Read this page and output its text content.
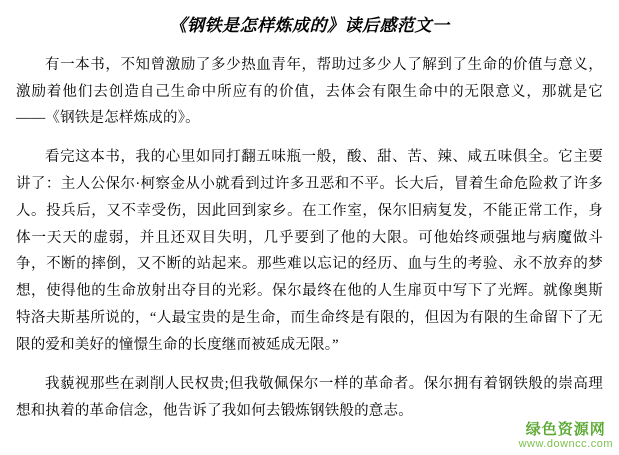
《钢铁是怎样炼成的》读后感范文一

有一本书，不知曾激励了多少热血青年，帮助过多少人了解到了生命的价值与意义，激励着他们去创造自己生命中所应有的价值，去体会有限生命中的无限意义，那就是它——《钢铁是怎样炼成的》。

看完这本书，我的心里如同打翻五味瓶一般，酸、甜、苦、辣、咸五味俱全。它主要讲了：主人公保尔·柯察金从小就看到过许多丑恶和不平。长大后，冒着生命危险救了许多人。投兵后，又不幸受伤，因此回到家乡。在工作室，保尔旧病复发，不能正常工作，身体一天天的虚弱，并且还双目失明，几乎要到了他的大限。可他始终顽强地与病魔做斗争，不断的摔倒，又不断的站起来。那些难以忘记的经历、血与生的考验、永不放弃的梦想，使得他的生命放射出夺目的光彩。保尔最终在他的人生扉页中写下了光辉。就像奥斯特洛夫斯基所说的，“人最宝贵的是生命，而生命终是有限的，但因为有限的生命留下了无限的爱和美好的憧憬生命的长度继而被延成无限。”

我藐视那些在剥削人民权贵;但我敬佩保尔一样的革命者。保尔拥有着钢铁般的崇高理想和执着的革命信念，他告诉了我如何去锻炼钢铁般的意志。

绿色资源网
www.downcc.com
